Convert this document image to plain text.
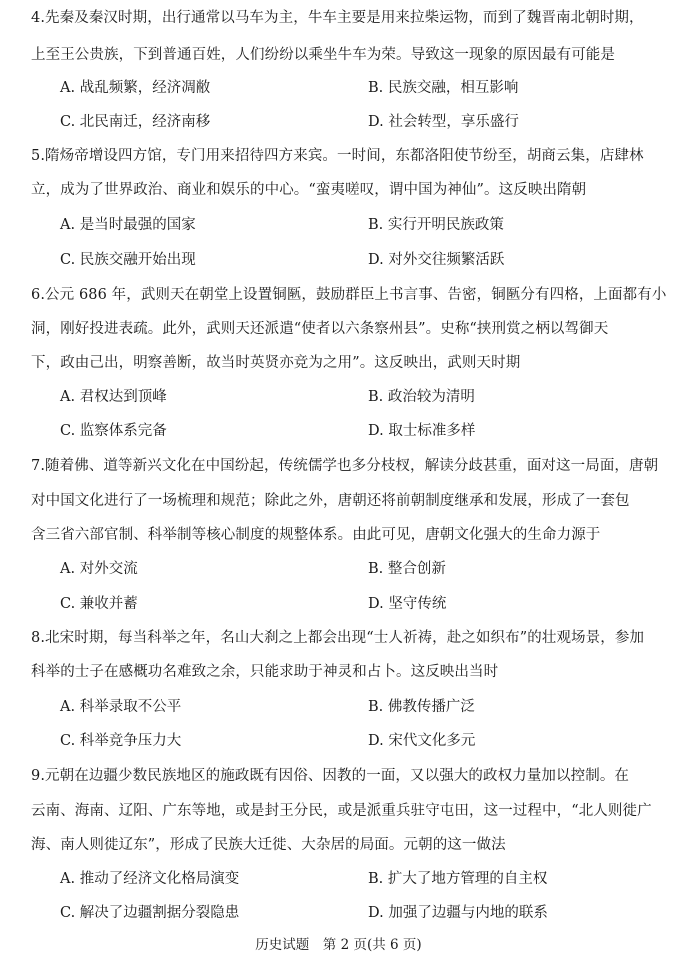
4.先秦及秦汉时期，出行通常以马车为主，牛车主要是用来拉柴运物，而到了魏晋南北朝时期，
上至王公贵族，下到普通百姓，人们纷纷以乘坐牛车为荣。导致这一现象的原因最有可能是
A. 战乱频繁，经济凋敝	B. 民族交融，相互影响
C. 北民南迁，经济南移	D. 社会转型，享乐盛行
5.隋炀帝增设四方馆，专门用来招待四方来宾。一时间，东都洛阳使节纷至，胡商云集，店肆林
立，成为了世界政治、商业和娱乐的中心。“蛮夷嗟叹，谓中国为神仙”。这反映出隋朝
A. 是当时最强的国家	B. 实行开明民族政策
C. 民族交融开始出现	D. 对外交往频繁活跃
6.公元 686 年，武则天在朝堂上设置铜匦，鼓励群臣上书言事、告密，铜匦分有四格，上面都有小
洞，刚好投进表疏。此外，武则天还派遣“使者以六条察州县”。史称“挟刑赏之柄以驾御天
下，政由己出，明察善断，故当时英贤亦竞为之用”。这反映出，武则天时期
A. 君权达到顶峰	B. 政治较为清明
C. 监察体系完备	D. 取士标准多样
7.随着佛、道等新兴文化在中国纷起，传统儒学也多分枝杈，解读分歧甚重，面对这一局面，唐朝
对中国文化进行了一场梳理和规范；除此之外，唐朝还将前朝制度继承和发展，形成了一套包
含三省六部官制、科举制等核心制度的规整体系。由此可见，唐朝文化强大的生命力源于
A. 对外交流	B. 整合创新
C. 兼收并蓄	D. 坚守传统
8.北宋时期，每当科举之年，名山大刹之上都会出现“士人祈祷，赴之如织布”的壮观场景，参加
科举的士子在感概功名难致之余，只能求助于神灵和占卜。这反映出当时
A. 科举录取不公平	B. 佛教传播广泛
C. 科举竞争压力大	D. 宋代文化多元
9.元朝在边疆少数民族地区的施政既有因俗、因教的一面，又以强大的政权力量加以控制。在
云南、海南、辽阳、广东等地，或是封王分民，或是派重兵驻守屯田，这一过程中，“北人则徙广
海、南人则徙辽东”，形成了民族大迁徙、大杂居的局面。元朝的这一做法
A. 推动了经济文化格局演变	B. 扩大了地方管理的自主权
C. 解决了边疆割据分裂隐患	D. 加强了边疆与内地的联系
历史试题　第 2 页(共 6 页)
